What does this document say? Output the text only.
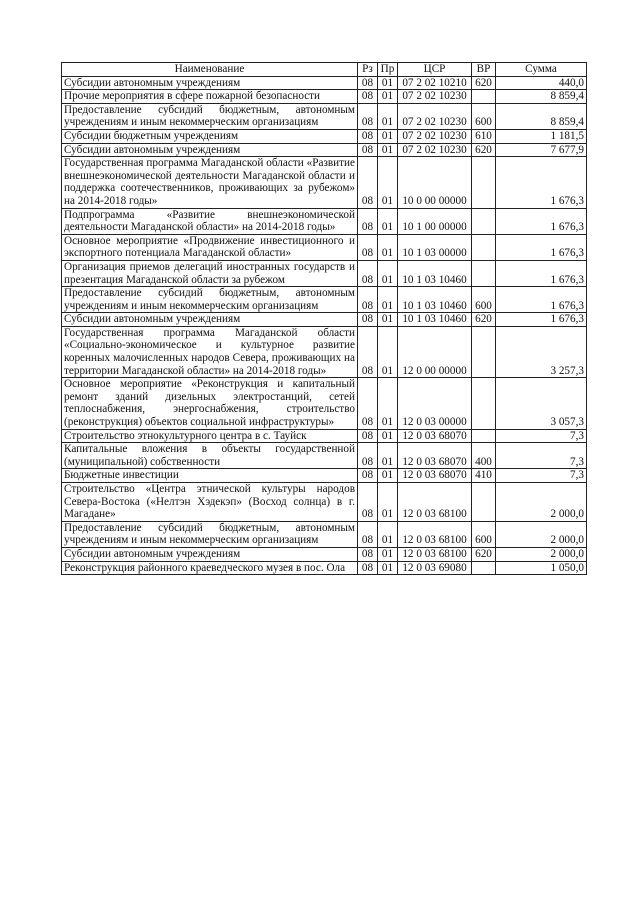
Наименование	Рз	Пр	ЦСР	ВР	Сумма
Субсидии автономным учреждениям	08	01	07 2 02 10210	620	440,0
Прочие мероприятия в сфере пожарной безопасности	08	01	07 2 02 10230		8 859,4
Предоставление субсидий бюджетным, автономным учреждениям и иным некоммерческим организациям	08	01	07 2 02 10230	600	8 859,4
Субсидии бюджетным учреждениям	08	01	07 2 02 10230	610	1 181,5
Субсидии автономным учреждениям	08	01	07 2 02 10230	620	7 677,9
Государственная программа Магаданской области «Развитие внешнеэкономической деятельности Магаданской области и поддержка соотечественников, проживающих за рубежом» на 2014-2018 годы»	08	01	10 0 00 00000		1 676,3
Подпрограмма «Развитие внешнеэкономической деятельности Магаданской области» на 2014-2018 годы»	08	01	10 1 00 00000		1 676,3
Основное мероприятие «Продвижение инвестиционного и экспортного потенциала Магаданской области»	08	01	10 1 03 00000		1 676,3
Организация приемов делегаций иностранных государств и презентация Магаданской области за рубежом	08	01	10 1 03 10460		1 676,3
Предоставление субсидий бюджетным, автономным учреждениям и иным некоммерческим организациям	08	01	10 1 03 10460	600	1 676,3
Субсидии автономным учреждениям	08	01	10 1 03 10460	620	1 676,3
Государственная программа Магаданской области «Социально-экономическое и культурное развитие коренных малочисленных народов Севера, проживающих на территории Магаданской области» на 2014-2018 годы»	08	01	12 0 00 00000		3 257,3
Основное мероприятие «Реконструкция и капитальный ремонт зданий дизельных электростанций, сетей теплоснабжения, энергоснабжения, строительство (реконструкция) объектов социальной инфраструктуры»	08	01	12 0 03 00000		3 057,3
Строительство этнокультурного центра в с. Тауйск	08	01	12 0 03 68070		7,3
Капитальные вложения в объекты государственной (муниципальной) собственности	08	01	12 0 03 68070	400	7,3
Бюджетные инвестиции	08	01	12 0 03 68070	410	7,3
Строительство «Центра этнической культуры народов Севера-Востока («Нелтэн Хэдекэп» (Восход солнца) в г. Магадане»	08	01	12 0 03 68100		2 000,0
Предоставление субсидий бюджетным, автономным учреждениям и иным некоммерческим организациям	08	01	12 0 03 68100	600	2 000,0
Субсидии автономным учреждениям	08	01	12 0 03 68100	620	2 000,0
Реконструкция районного краеведческого музея в пос. Ола	08	01	12 0 03 69080		1 050,0
